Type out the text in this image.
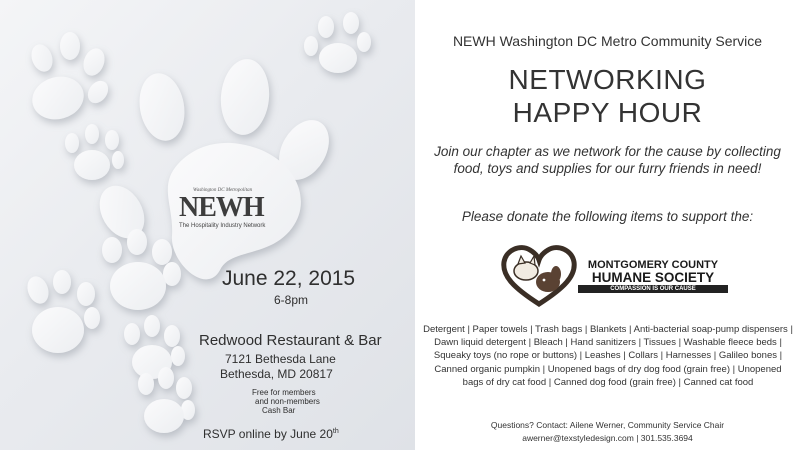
Washington DC Metropolitan
NEWH
The Hospitality Industry Network
June 22, 2015
6-8pm
Redwood Restaurant & Bar
7121 Bethesda Lane
Bethesda, MD 20817
Free for members
and non-members
Cash Bar
RSVP online by June 20th
NEWH Washington DC Metro Community Service
NETWORKING
HAPPY HOUR
Join our chapter as we network for the cause by collecting food, toys and supplies for our furry friends in need!
Please donate the following items to support the:
MONTGOMERY COUNTY
HUMANE SOCIETY
COMPASSION IS OUR CAUSE
Detergent | Paper towels | Trash bags | Blankets | Anti-bacterial soap-pump dispensers | Dawn liquid detergent | Bleach | Hand sanitizers | Tissues | Washable fleece beds | Squeaky toys (no rope or buttons) | Leashes | Collars | Harnesses | Galileo bones | Canned organic pumpkin | Unopened bags of dry dog food (grain free) | Unopened bags of dry cat food | Canned dog food (grain free) | Canned cat food
Questions? Contact: Ailene Werner, Community Service Chair
awerner@texstyledesign.com | 301.535.3694
